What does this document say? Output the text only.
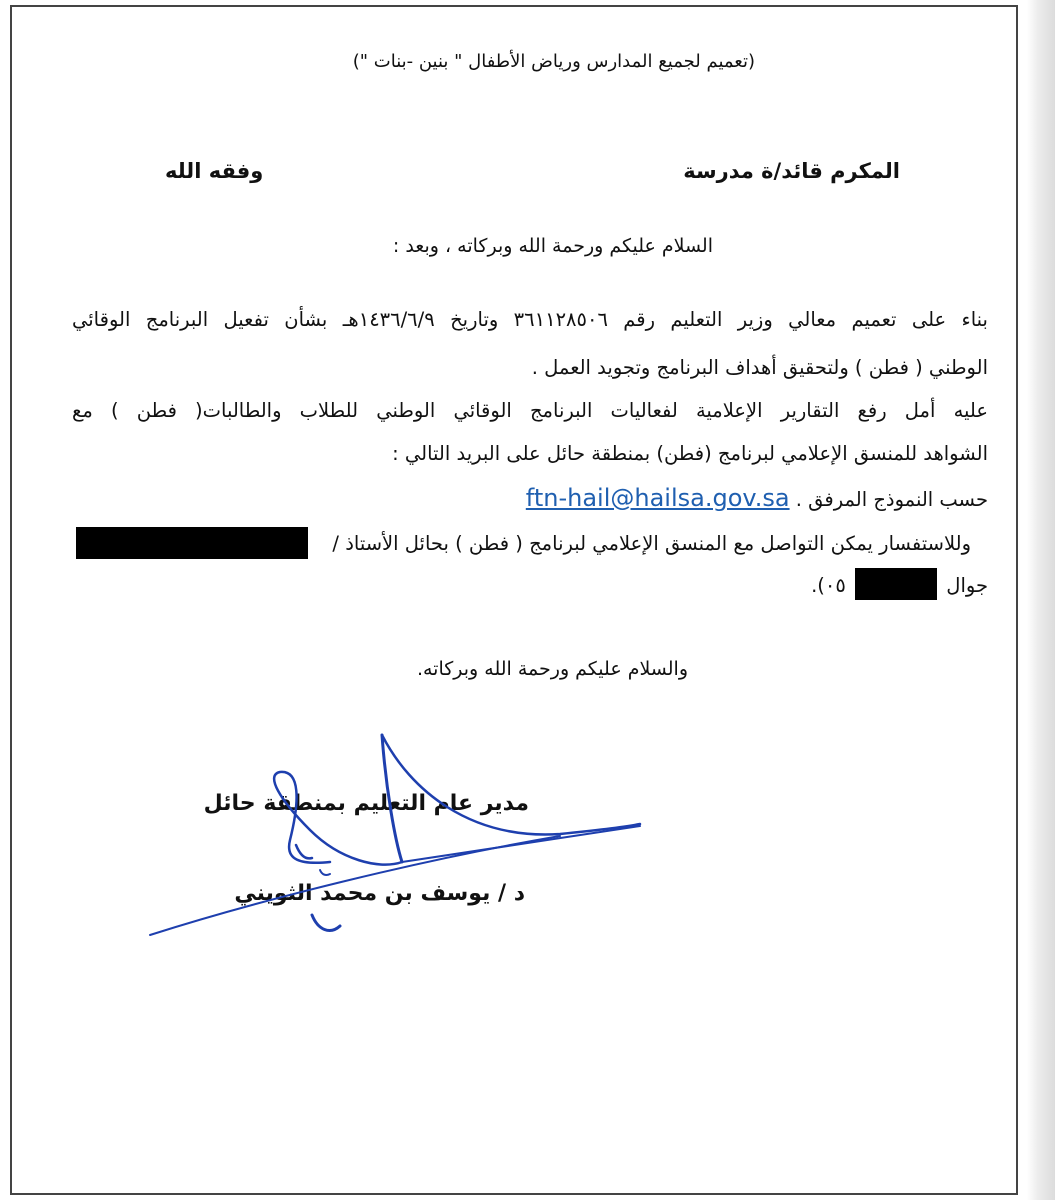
(تعميم لجميع المدارس ورياض الأطفال " بنين -بنات ")
المكرم قائد/ة مدرسة
وفقه الله
السلام عليكم ورحمة الله وبركاته ، وبعد :
بناء على تعميم معالي وزير التعليم رقم ٣٦١١٢٨٥٠٦ وتاريخ ١٤٣٦/٦/٩هـ بشأن تفعيل البرنامج الوقائي
الوطني ( فطن ) ولتحقيق أهداف البرنامج وتجويد العمل .
عليه أمل رفع التقارير الإعلامية لفعاليات البرنامج الوقائي الوطني للطلاب والطالبات( فطن ) مع
الشواهد للمنسق الإعلامي لبرنامج (فطن) بمنطقة حائل على البريد التالي :
حسب النموذج المرفق . ftn-hail@hailsa.gov.sa
وللاستفسار يمكن التواصل مع المنسق الإعلامي لبرنامج ( فطن ) بحائل الأستاذ /
جوال  ٠٥).
والسلام عليكم ورحمة الله وبركاته.
مدير عام التعليم بمنطقة حائل
د / يوسف بن محمد الثويني
